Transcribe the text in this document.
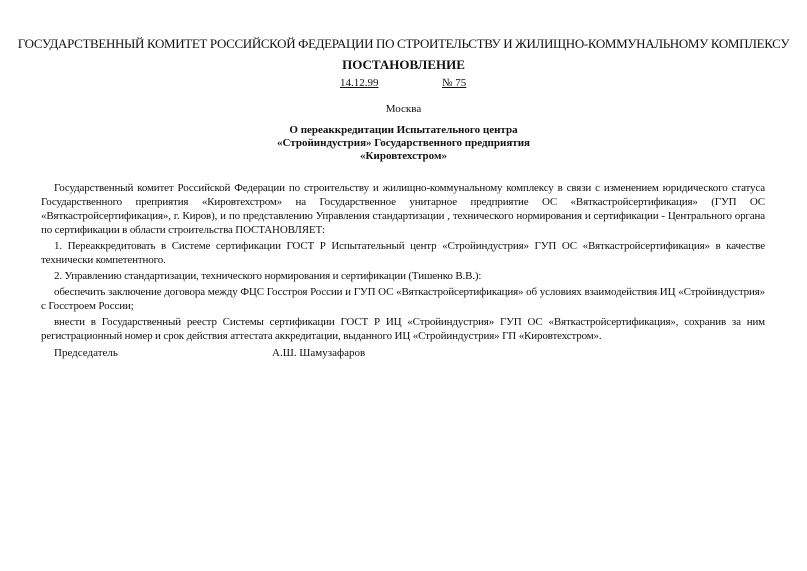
ГОСУДАРСТВЕННЫЙ КОМИТЕТ РОССИЙСКОЙ ФЕДЕРАЦИИ ПО СТРОИТЕЛЬСТВУ И ЖИЛИЩНО-КОММУНАЛЬНОМУ КОМПЛЕКСУ
ПОСТАНОВЛЕНИЕ
14.12.99	№ 75
Москва
О переаккредитации Испытательного центра
«Стройиндустрия» Государственного предприятия
«Кировтехстром»

Государственный комитет Российской Федерации по строительству и жилищно-коммунальному комплексу в связи с изменением юридического статуса Государственного преприятия «Кировтехстром» на Государственное унитарное предприятие ОС «Вяткастройсертификация» (ГУП ОС «Вяткастройсертификация», г. Киров), и по представлению Управления стандартизации , технического нормирования и сертификации - Центрального органа по сертификации в области строительства ПОСТАНОВЛЯЕТ:

1. Переаккредитовать в Системе сертификации ГОСТ Р Испытательный центр «Стройиндустрия» ГУП ОС «Вяткастройсертификация» в качестве технически компетентного.

2. Управлению стандартизации, технического нормирования и сертификации (Тишенко В.В.):

обеспечить заключение договора между ФЦС Госстроя России и ГУП ОС «Вяткастройсертификация» об условиях взаимодействия ИЦ «Стройиндустрия» с Госстроем России;

внести в Государственный реестр Системы сертификации ГОСТ Р ИЦ «Стройиндустрия» ГУП ОС «Вяткастройсертификация», сохранив за ним регистрационный номер и срок действия аттестата аккредитации, выданного ИЦ «Стройиндустрия» ГП «Кировтехстром».

Председатель	А.Ш. Шамузафаров
